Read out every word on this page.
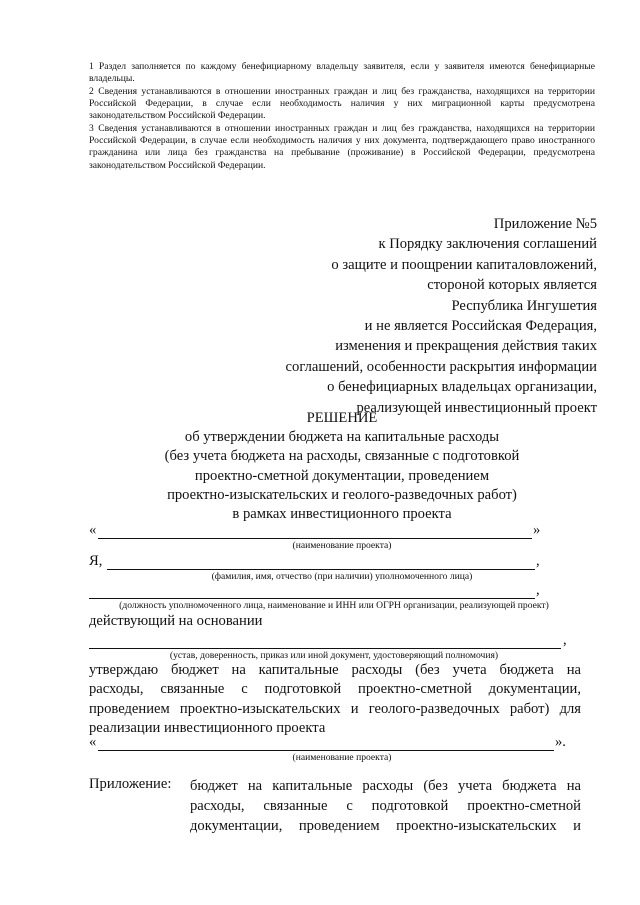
1 Раздел заполняется по каждому бенефициарному владельцу заявителя, если у заявителя имеются бенефициарные владельцы.
2 Сведения устанавливаются в отношении иностранных граждан и лиц без гражданства, находящихся на территории Российской Федерации, в случае если необходимость наличия у них миграционной карты предусмотрена законодательством Российской Федерации.
3 Сведения устанавливаются в отношении иностранных граждан и лиц без гражданства, находящихся на территории Российской Федерации, в случае если необходимость наличия у них документа, подтверждающего право иностранного гражданина или лица без гражданства на пребывание (проживание) в Российской Федерации, предусмотрена законодательством Российской Федерации.
Приложение №5
к Порядку заключения соглашений
о защите и поощрении капиталовложений,
стороной которых является
Республика Ингушетия
и не является Российская Федерация,
изменения и прекращения действия таких
соглашений, особенности раскрытия информации
о бенефициарных владельцах организации,
реализующей инвестиционный проект
РЕШЕНИЕ
об утверждении бюджета на капитальные расходы
(без учета бюджета на расходы, связанные с подготовкой
проектно-сметной документации, проведением
проектно-изыскательских и геолого-разведочных работ)
в рамках инвестиционного проекта
«	»
(наименование проекта)
Я,	,
(фамилия, имя, отчество (при наличии) уполномоченного лица)
,
(должность уполномоченного лица, наименование и ИНН или ОГРН организации, реализующей проект)
действующий на основании
,
(устав, доверенность, приказ или иной документ, удостоверяющий полномочия)
утверждаю бюджет на капитальные расходы (без учета бюджета на
расходы, связанные с подготовкой проектно-сметной документации,
проведением проектно-изыскательских и геолого-разведочных работ) для
реализации инвестиционного проекта
«	».
(наименование проекта)
Приложение: бюджет на капитальные расходы (без учета бюджета на
расходы, связанные с подготовкой проектно-сметной
документации, проведением проектно-изыскательских и
